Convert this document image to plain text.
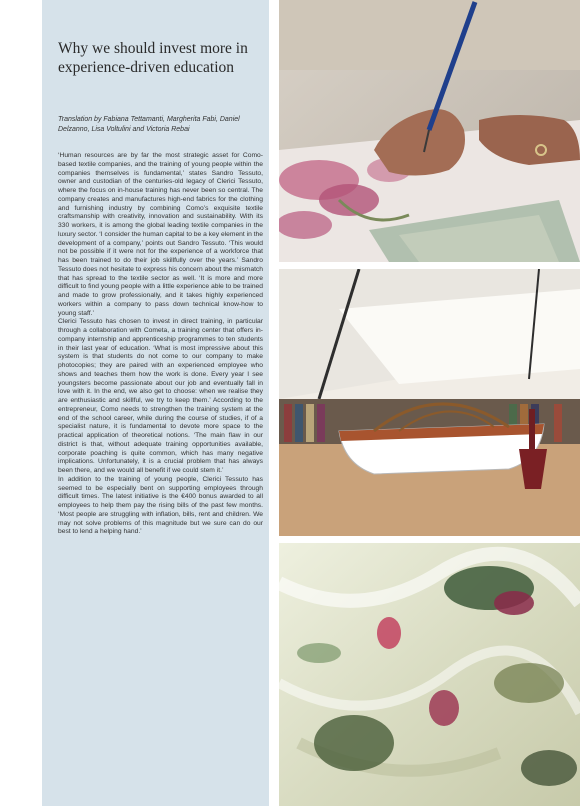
Why we should invest more in experience-driven education

Translation by Fabiana Tettamanti, Margherita Fabi, Daniel Delzanno, Lisa Voltulini and Victoria Rebai

‘Human resources are by far the most strategic asset for Como-based textile companies, and the training of young people within the companies themselves is fundamental,’ states Sandro Tessuto, owner and custodian of the centuries-old legacy of Clerici Tessuto, where the focus on in-house training has never been so central. The company creates and manufactures high-end fabrics for the clothing and furnishing industry by combining Como’s exquisite textile craftsmanship with creativity, innovation and sustainability. With its 330 workers, it is among the global leading textile companies in the luxury sector. ‘I consider the human capital to be a key element in the development of a company,’ points out Sandro Tessuto. ‘This would not be possible if it were not for the experience of a workforce that has been trained to do their job skillfully over the years.’ Sandro Tessuto does not hesitate to express his concern about the mismatch that has spread to the textile sector as well. ‘It is more and more difficult to find young people with a little experience able to be trained and made to grow professionally, and it takes highly experienced workers within a company to pass down technical know-how to young staff.’

Clerici Tessuto has chosen to invest in direct training, in particular through a collaboration with Cometa, a training center that offers in-company internship and apprenticeship programmes to ten students in their last year of education. ‘What is most impressive about this system is that students do not come to our company to make photocopies; they are paired with an experienced employee who shows and teaches them how the work is done. Every year I see youngsters become passionate about our job and eventually fall in love with it. In the end, we also get to choose: when we realise they are enthusiastic and skillful, we try to keep them.’ According to the entrepreneur, Como needs to strengthen the training system at the end of the school career, while during the course of studies, if of a specialist nature, it is fundamental to devote more space to the practical application of theoretical notions. ‘The main flaw in our district is that, without adequate training opportunities available, corporate poaching is quite common, which has many negative implications. Unfortunately, it is a crucial problem that has always been there, and we would all benefit if we could stem it.’

In addition to the training of young people, Clerici Tessuto has seemed to be especially bent on supporting employees through difficult times. The latest initiative is the €400 bonus awarded to all employees to help them pay the rising bills of the past few months. ‘Most people are struggling with inflation, bills, rent and children. We may not solve problems of this magnitude but we sure can do our best to lend a helping hand.’
